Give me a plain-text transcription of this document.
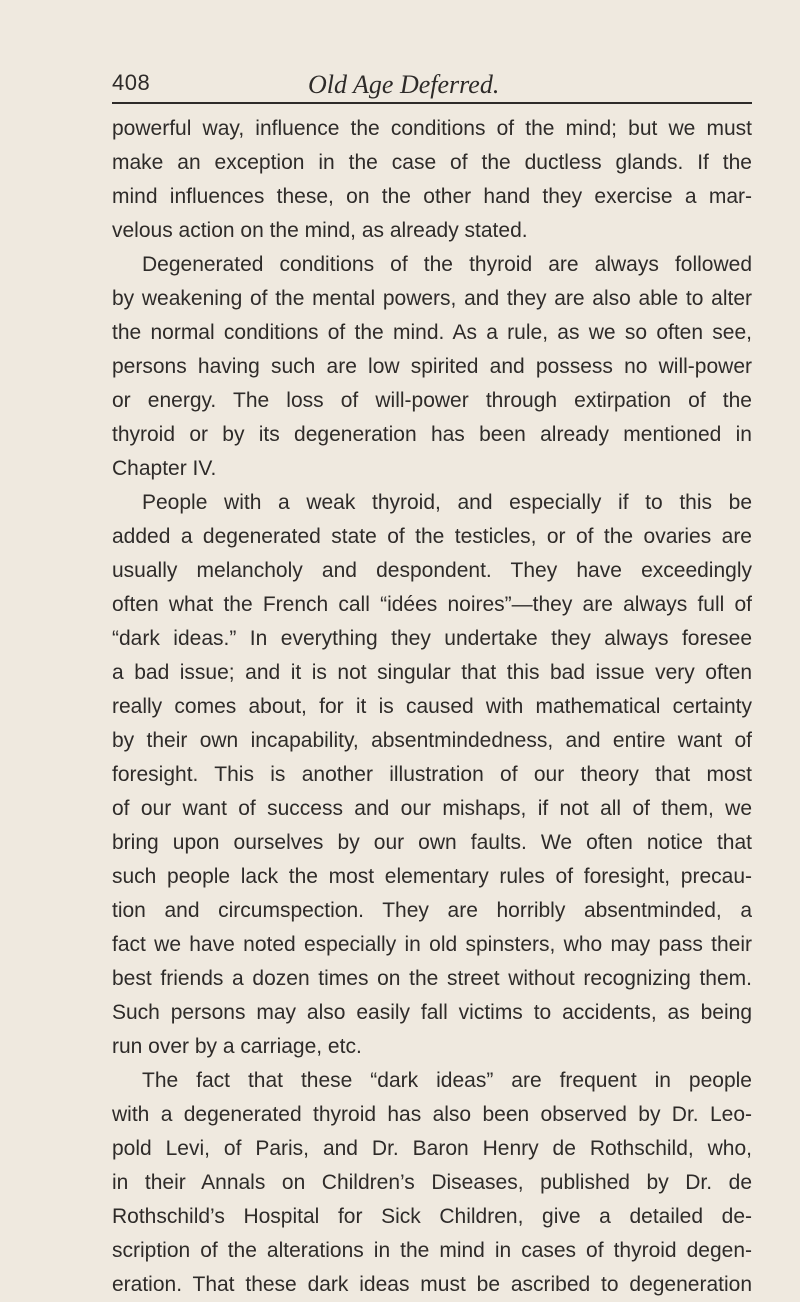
408	Old Age Deferred.
powerful way, influence the conditions of the mind; but we must
make an exception in the case of the ductless glands. If the
mind influences these, on the other hand they exercise a mar-
velous action on the mind, as already stated.
Degenerated conditions of the thyroid are always followed
by weakening of the mental powers, and they are also able to alter
the normal conditions of the mind. As a rule, as we so often see,
persons having such are low spirited and possess no will-power
or energy. The loss of will-power through extirpation of the
thyroid or by its degeneration has been already mentioned in
Chapter IV.
People with a weak thyroid, and especially if to this be
added a degenerated state of the testicles, or of the ovaries are
usually melancholy and despondent. They have exceedingly
often what the French call “idées noires”—they are always full of
“dark ideas.” In everything they undertake they always foresee
a bad issue; and it is not singular that this bad issue very often
really comes about, for it is caused with mathematical certainty
by their own incapability, absentmindedness, and entire want of
foresight. This is another illustration of our theory that most
of our want of success and our mishaps, if not all of them, we
bring upon ourselves by our own faults. We often notice that
such people lack the most elementary rules of foresight, precau-
tion and circumspection. They are horribly absentminded, a
fact we have noted especially in old spinsters, who may pass their
best friends a dozen times on the street without recognizing them.
Such persons may also easily fall victims to accidents, as being
run over by a carriage, etc.
The fact that these “dark ideas” are frequent in people
with a degenerated thyroid has also been observed by Dr. Leo-
pold Levi, of Paris, and Dr. Baron Henry de Rothschild, who,
in their Annals on Children’s Diseases, published by Dr. de
Rothschild’s Hospital for Sick Children, give a detailed de-
scription of the alterations in the mind in cases of thyroid degen-
eration. That these dark ideas must be ascribed to degeneration
